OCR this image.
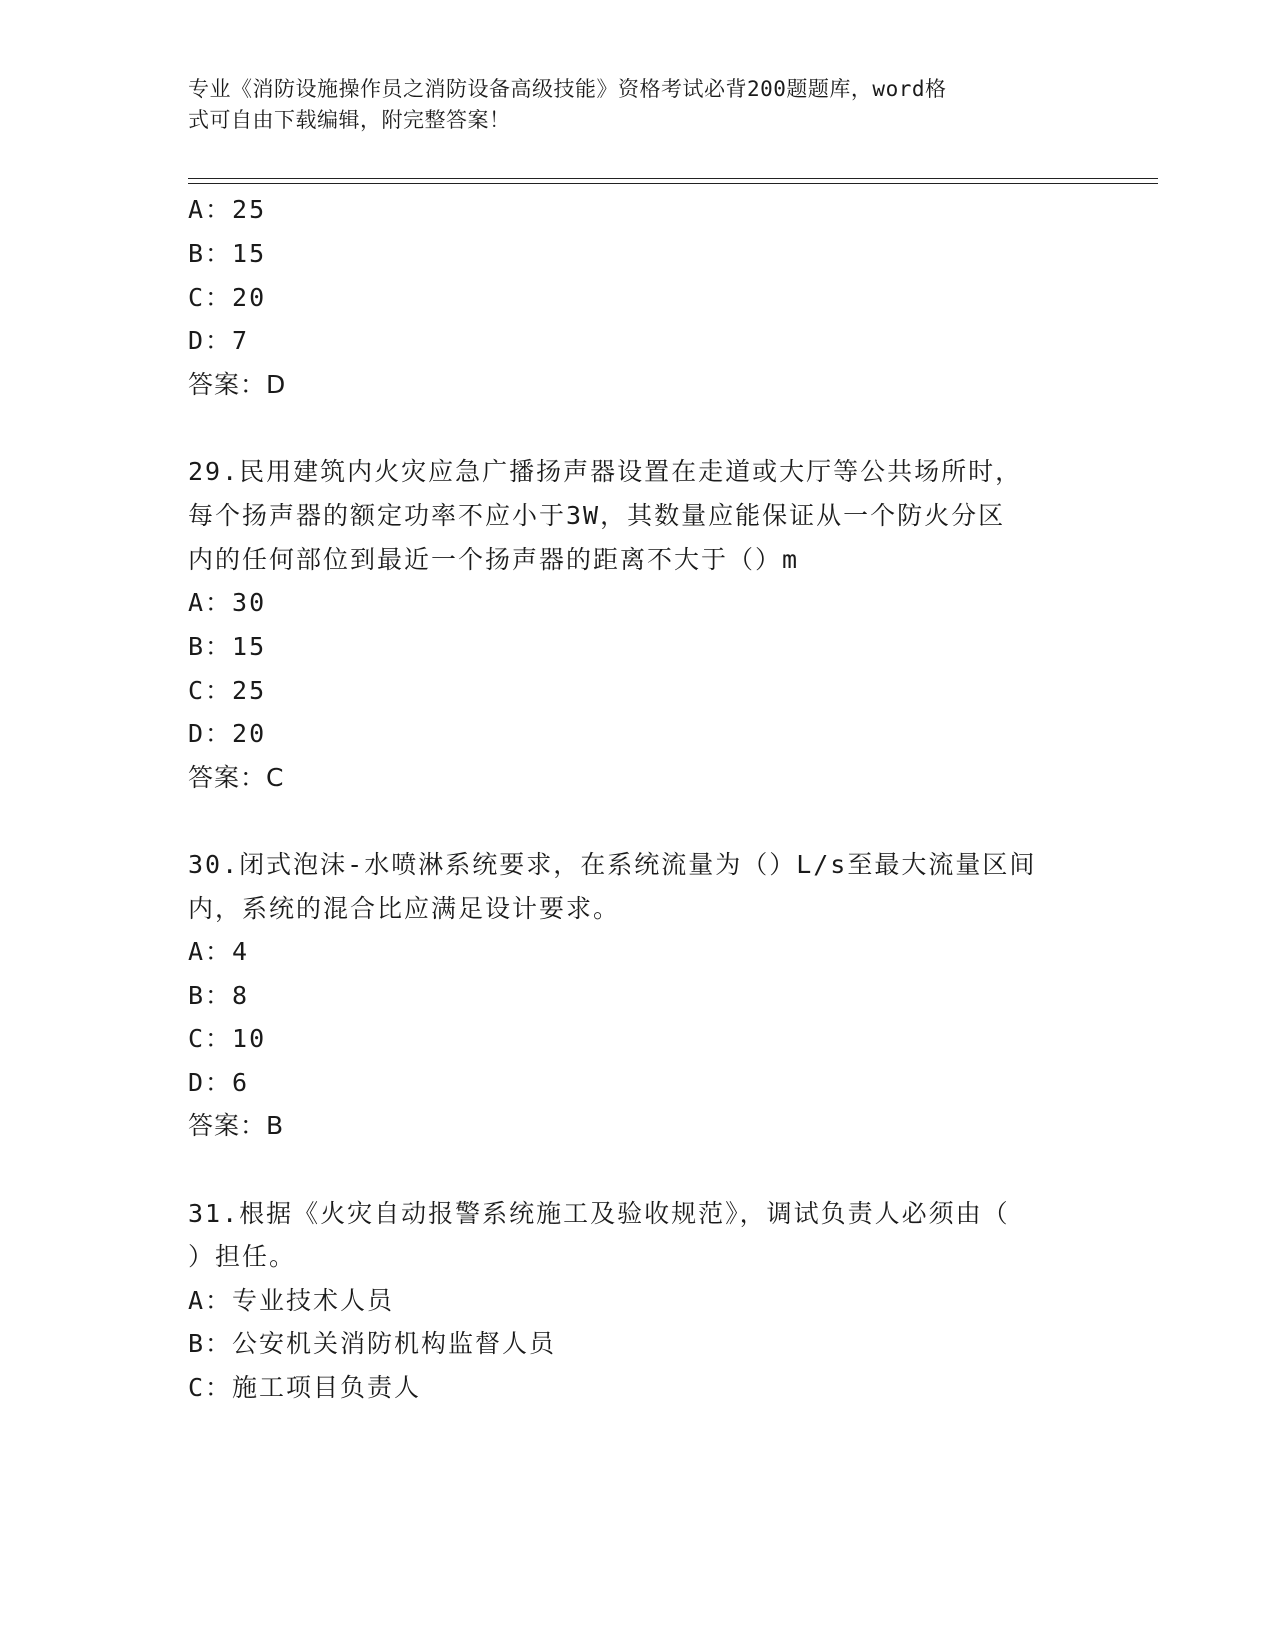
专业《消防设施操作员之消防设备高级技能》资格考试必背200题题库，word格
式可自由下载编辑，附完整答案！
A：25
B：15
C：20
D：7
答案：D
29.民用建筑内火灾应急广播扬声器设置在走道或大厅等公共场所时，
每个扬声器的额定功率不应小于3W，其数量应能保证从一个防火分区
内的任何部位到最近一个扬声器的距离不大于（）m
A：30
B：15
C：25
D：20
答案：C
30.闭式泡沫-水喷淋系统要求，在系统流量为（）L/s至最大流量区间
内，系统的混合比应满足设计要求。
A：4
B：8
C：10
D：6
答案：B
31.根据《火灾自动报警系统施工及验收规范》，调试负责人必须由（
）担任。
A：专业技术人员
B：公安机关消防机构监督人员
C：施工项目负责人
